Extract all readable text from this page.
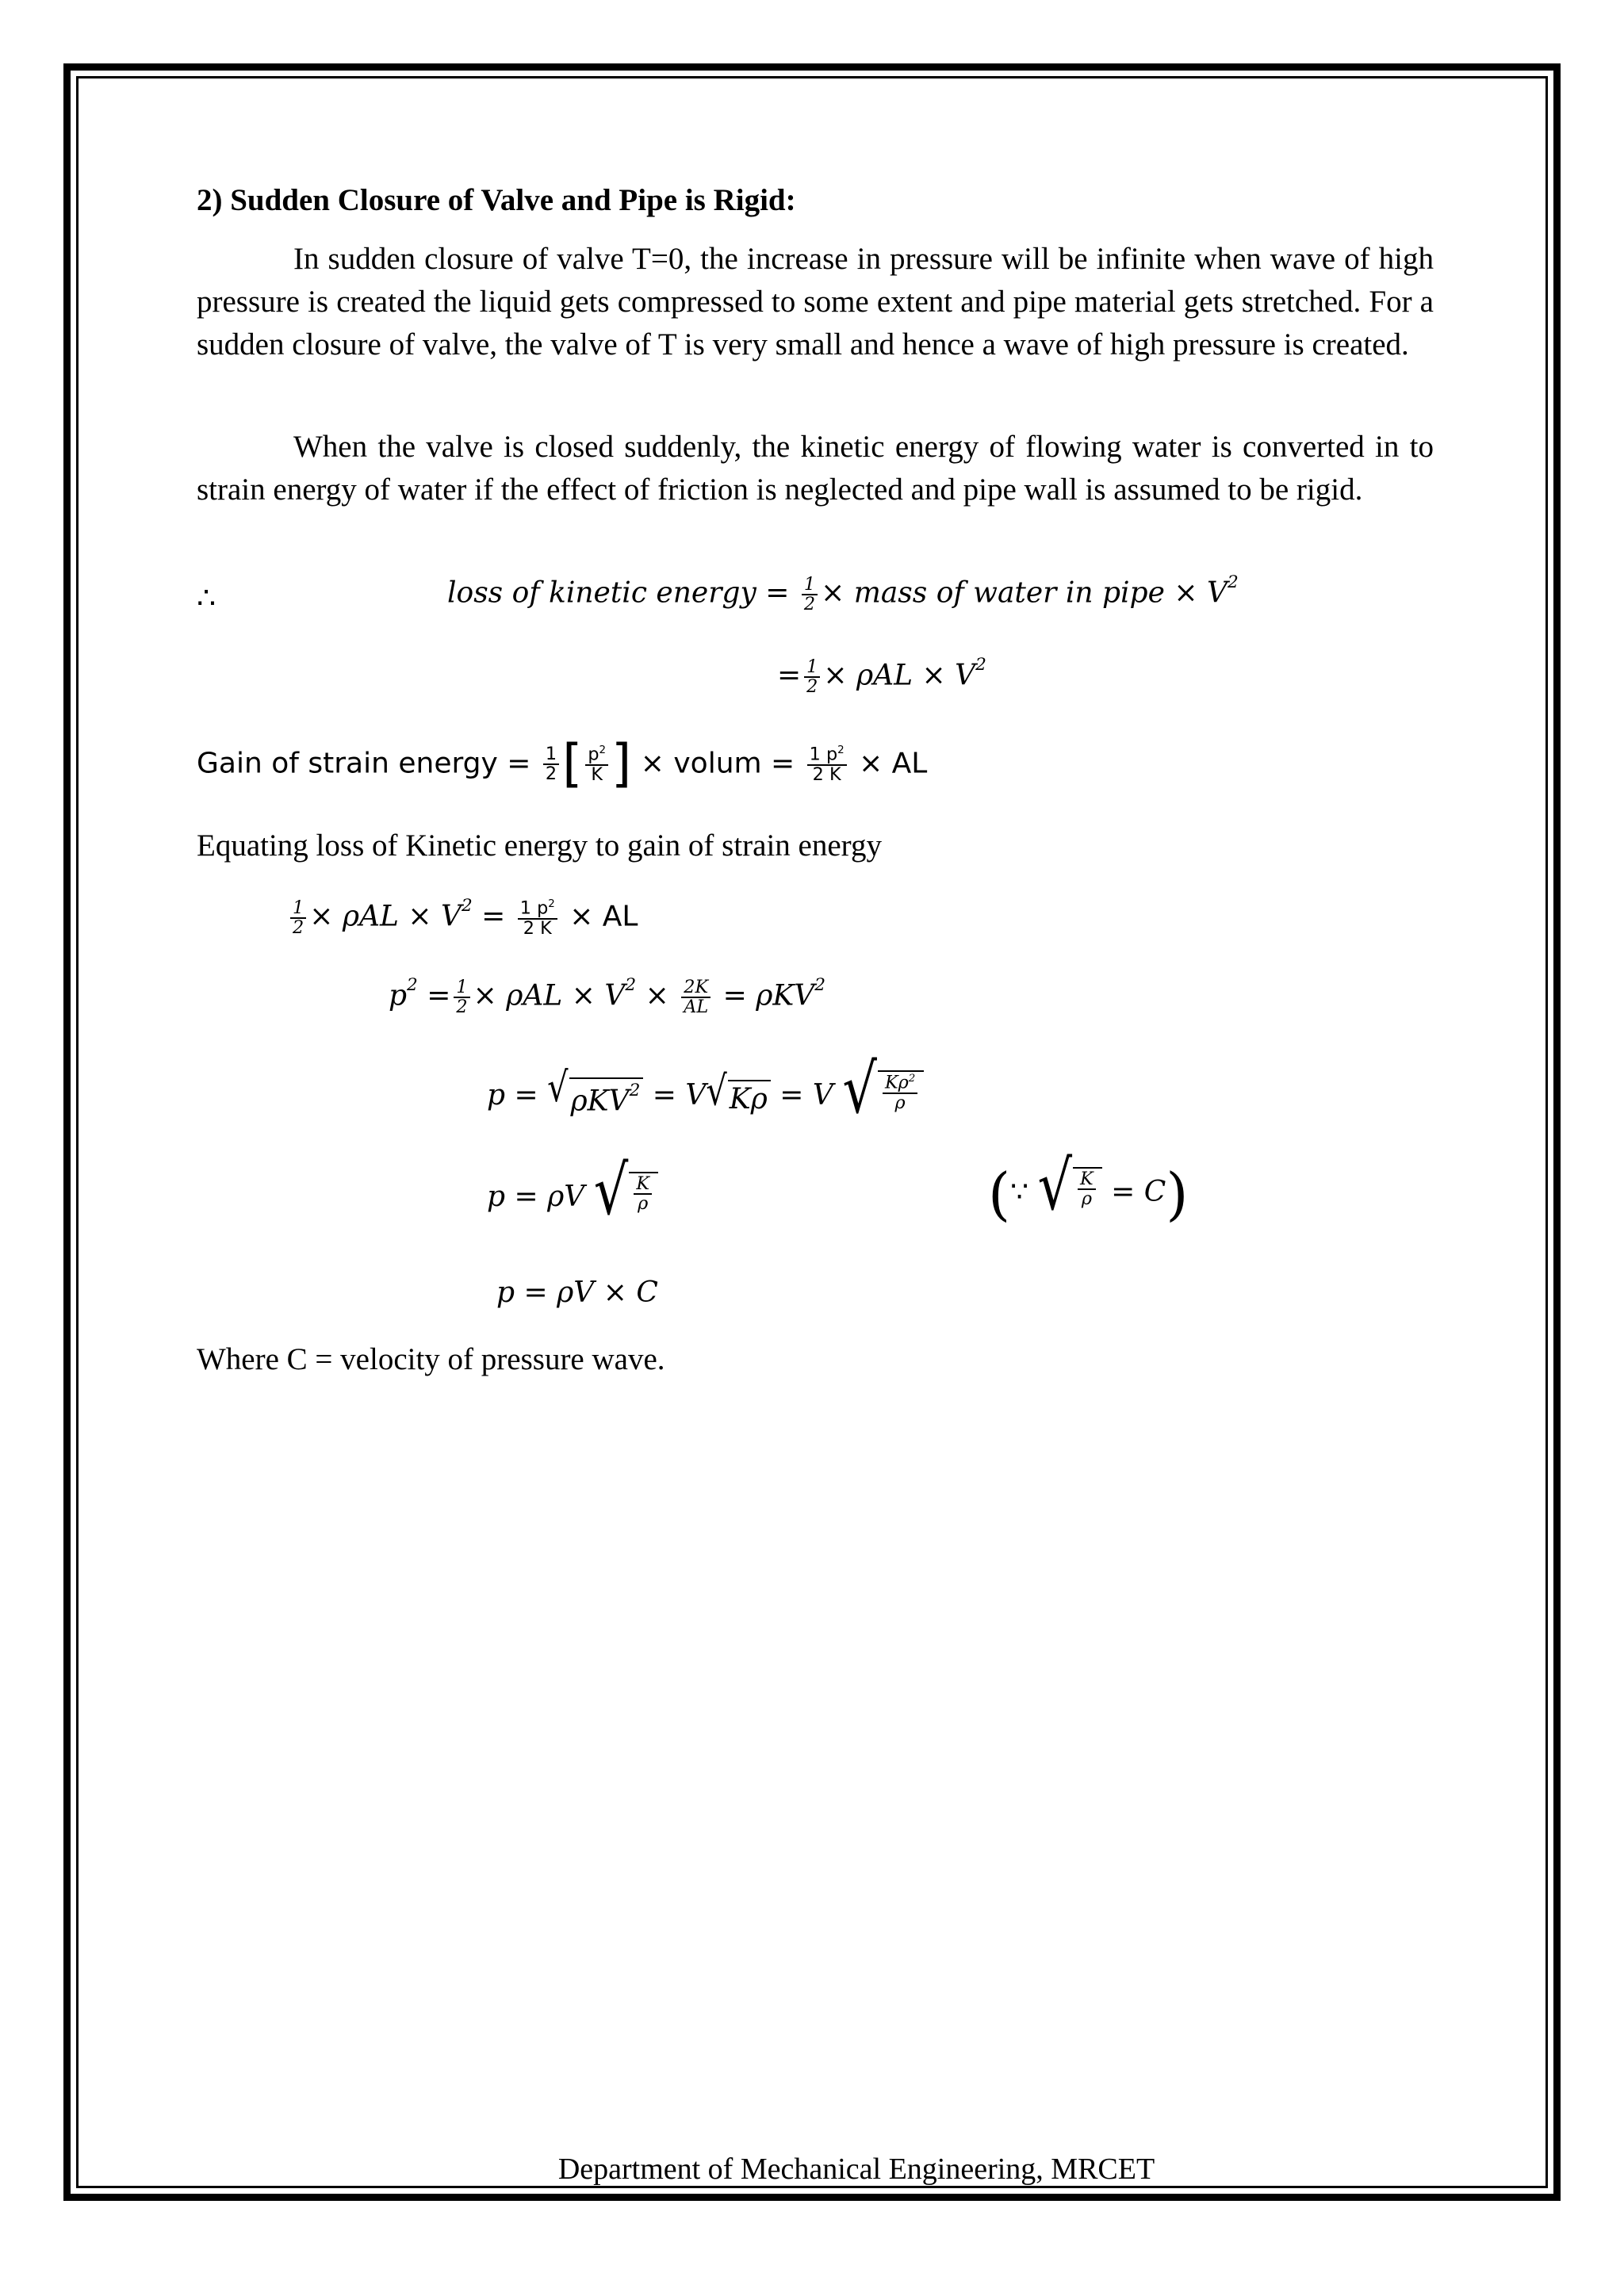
2) Sudden Closure of Valve and Pipe is Rigid:
In sudden closure of valve T=0, the increase in pressure will be infinite when wave of high pressure is created the liquid gets compressed to some extent and pipe material gets stretched. For a sudden closure of valve, the valve of T is very small and hence a wave of high pressure is created.
When the valve is closed suddenly, the kinetic energy of flowing water is converted in to strain energy of water if the effect of friction is neglected and pipe wall is assumed to be rigid.
∴	loss of kinetic energy = $\frac{1}{2}$ × mass of water in pipe × $V^2$
= $\frac{1}{2} \times \rho AL \times V^2$
Gain of strain energy = $\frac{1}{2}$ [ $\frac{p^2}{K}$ ] × volum = $\frac{1 p^2}{2 K}$ × AL
Equating loss of Kinetic energy to gain of strain energy
$\frac{1}{2} \times \rho AL \times V^2 = \frac{1 p^2}{2 K}$ × AL
$p^2 = \frac{1}{2} \times \rho AL \times V^2 \times \frac{2K}{AL} = \rho KV^2$
p = √ ρKV$^2$ = V √ Kρ = V √ $\frac{K\rho^2}{\rho}$
p = ρV √ $\frac{K}{\rho}$	(∵ √ $\frac{K}{\rho} = C$)
p = ρV × C
Where C = velocity of pressure wave.
Department of Mechanical Engineering, MRCET
